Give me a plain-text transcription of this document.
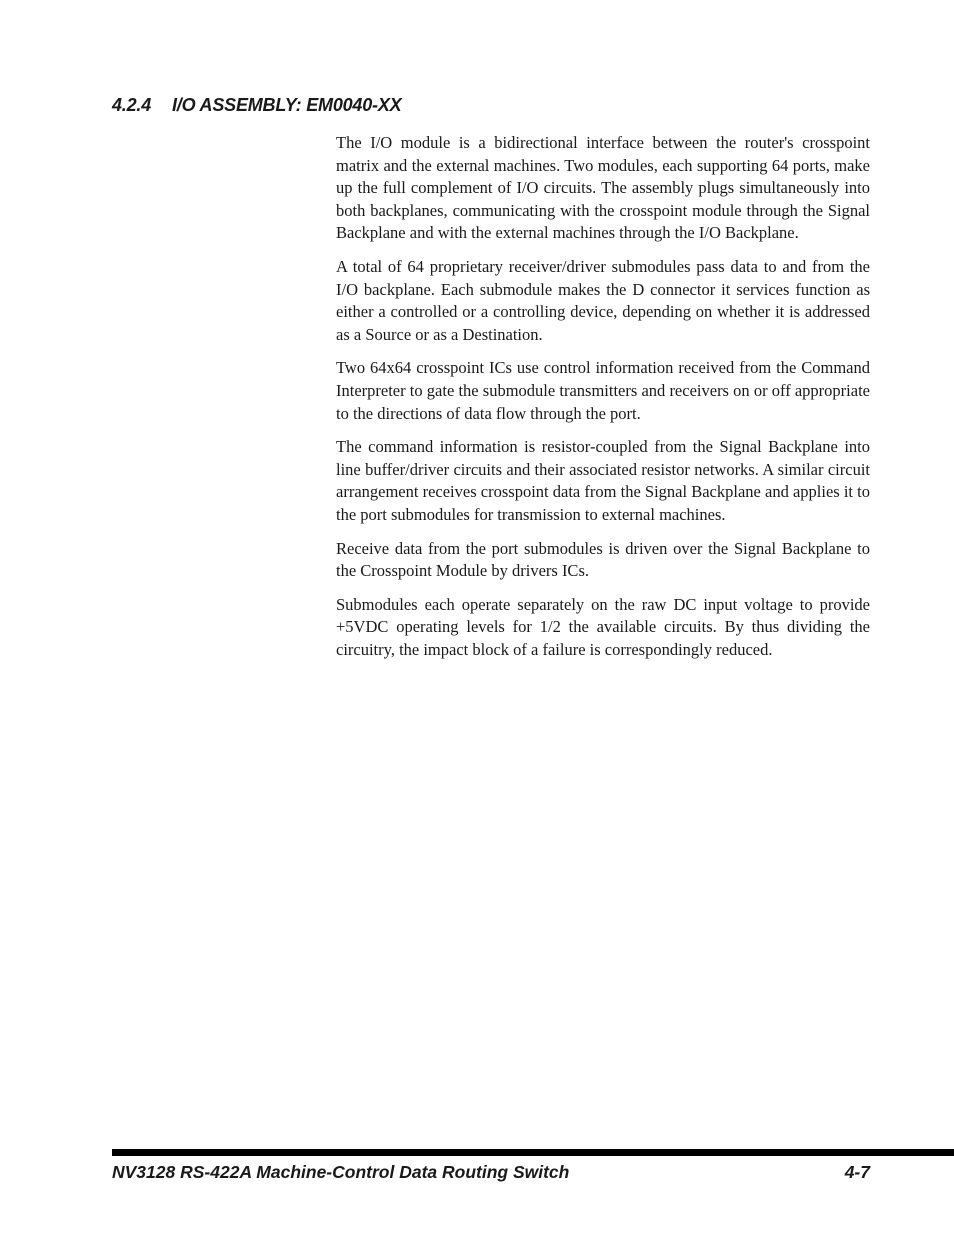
4.2.4 I/O ASSEMBLY: EM0040-XX

The I/O module is a bidirectional interface between the router's crosspoint matrix and the external machines. Two modules, each supporting 64 ports, make up the full complement of I/O circuits. The assembly plugs simultaneously into both backplanes, communicating with the crosspoint module through the Signal Backplane and with the external machines through the I/O Backplane.

A total of 64 proprietary receiver/driver submodules pass data to and from the I/O backplane. Each submodule makes the D connector it services function as either a controlled or a controlling device, depending on whether it is addressed as a Source or as a Destination.

Two 64x64 crosspoint ICs use control information received from the Command Interpreter to gate the submodule transmitters and receivers on or off appropriate to the directions of data flow through the port.

The command information is resistor-coupled from the Signal Backplane into line buffer/driver circuits and their associated resistor networks. A similar circuit arrangement receives crosspoint data from the Signal Backplane and applies it to the port submodules for transmission to external machines.

Receive data from the port submodules is driven over the Signal Backplane to the Crosspoint Module by drivers ICs.

Submodules each operate separately on the raw DC input voltage to provide +5VDC operating levels for 1/2 the available circuits. By thus dividing the circuitry, the impact block of a failure is correspondingly reduced.

NV3128 RS-422A Machine-Control Data Routing Switch	4-7
